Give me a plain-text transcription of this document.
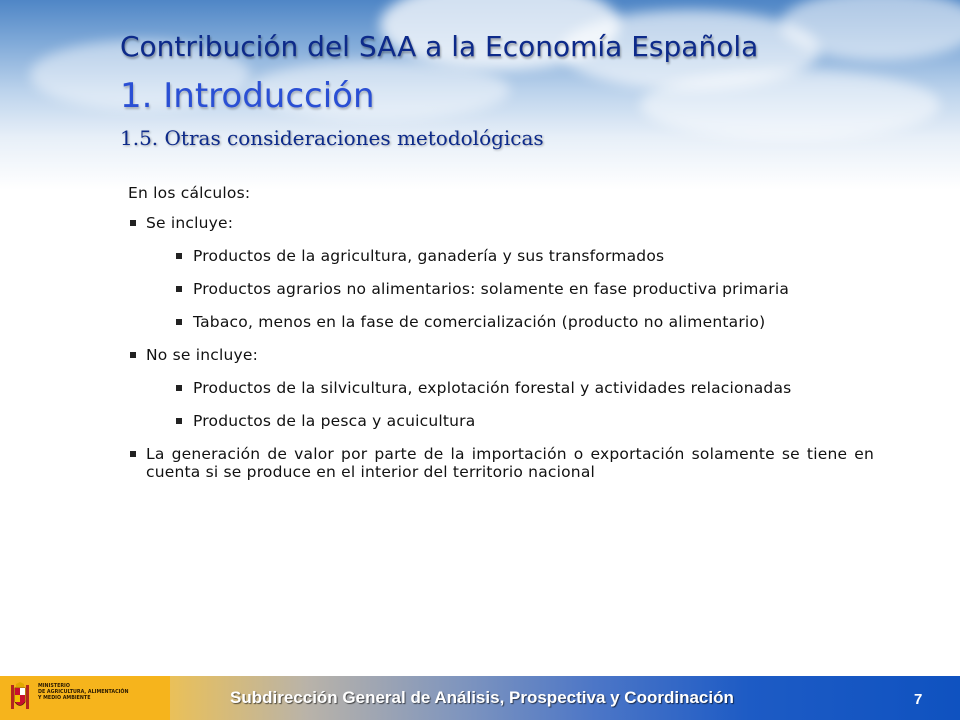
Contribución del SAA a la Economía Española
1. Introducción
1.5. Otras consideraciones metodológicas

En los cálculos:

Se incluye:
Productos de la agricultura, ganadería y sus transformados
Productos agrarios no alimentarios: solamente en fase productiva primaria
Tabaco, menos en la fase de comercialización (producto no alimentario)
No se incluye:
Productos de la silvicultura, explotación forestal y actividades relacionadas
Productos de la pesca y acuicultura
La generación de valor por parte de la importación o exportación solamente se tiene en cuenta si se produce en el interior del territorio nacional
MINISTERIO
DE AGRICULTURA, ALIMENTACIÓN
Y MEDIO AMBIENTE	Subdirección General de Análisis, Prospectiva y Coordinación	7
